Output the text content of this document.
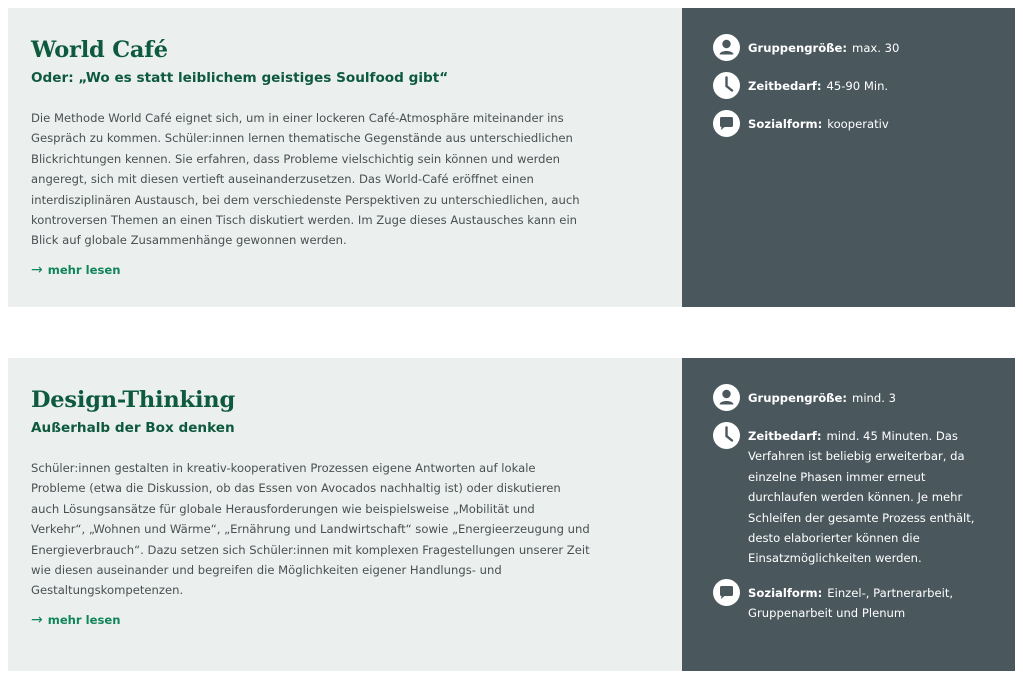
World Café
Oder: „Wo es statt leiblichem geistiges Soulfood gibt“

Die Methode World Café eignet sich, um in einer lockeren Café-Atmosphäre miteinander ins Gespräch zu kommen. Schüler:innen lernen thematische Gegenstände aus unterschiedlichen Blickrichtungen kennen. Sie erfahren, dass Probleme vielschichtig sein können und werden angeregt, sich mit diesen vertieft auseinanderzusetzen. Das World-Café eröffnet einen interdisziplinären Austausch, bei dem verschiedenste Perspektiven zu unterschiedlichen, auch kontroversen Themen an einen Tisch diskutiert werden. Im Zuge dieses Austausches kann ein Blick auf globale Zusammenhänge gewonnen werden.

→ mehr lesen
Gruppengröße: max. 30
Zeitbedarf: 45-90 Min.
Sozialform: kooperativ
Design-Thinking
Außerhalb der Box denken

Schüler:innen gestalten in kreativ-kooperativen Prozessen eigene Antworten auf lokale Probleme (etwa die Diskussion, ob das Essen von Avocados nachhaltig ist) oder diskutieren auch Lösungsansätze für globale Herausforderungen wie beispielsweise „Mobilität und Verkehr“, „Wohnen und Wärme“, „Ernährung und Landwirtschaft“ sowie „Energieerzeugung und Energieverbrauch“. Dazu setzen sich Schüler:innen mit komplexen Fragestellungen unserer Zeit wie diesen auseinander und begreifen die Möglichkeiten eigener Handlungs- und Gestaltungskompetenzen.

→ mehr lesen
Gruppengröße: mind. 3
Zeitbedarf: mind. 45 Minuten. Das Verfahren ist beliebig erweiterbar, da einzelne Phasen immer erneut durchlaufen werden können. Je mehr Schleifen der gesamte Prozess enthält, desto elaborierter können die Einsatzmöglichkeiten werden.
Sozialform: Einzel-, Partnerarbeit, Gruppenarbeit und Plenum
